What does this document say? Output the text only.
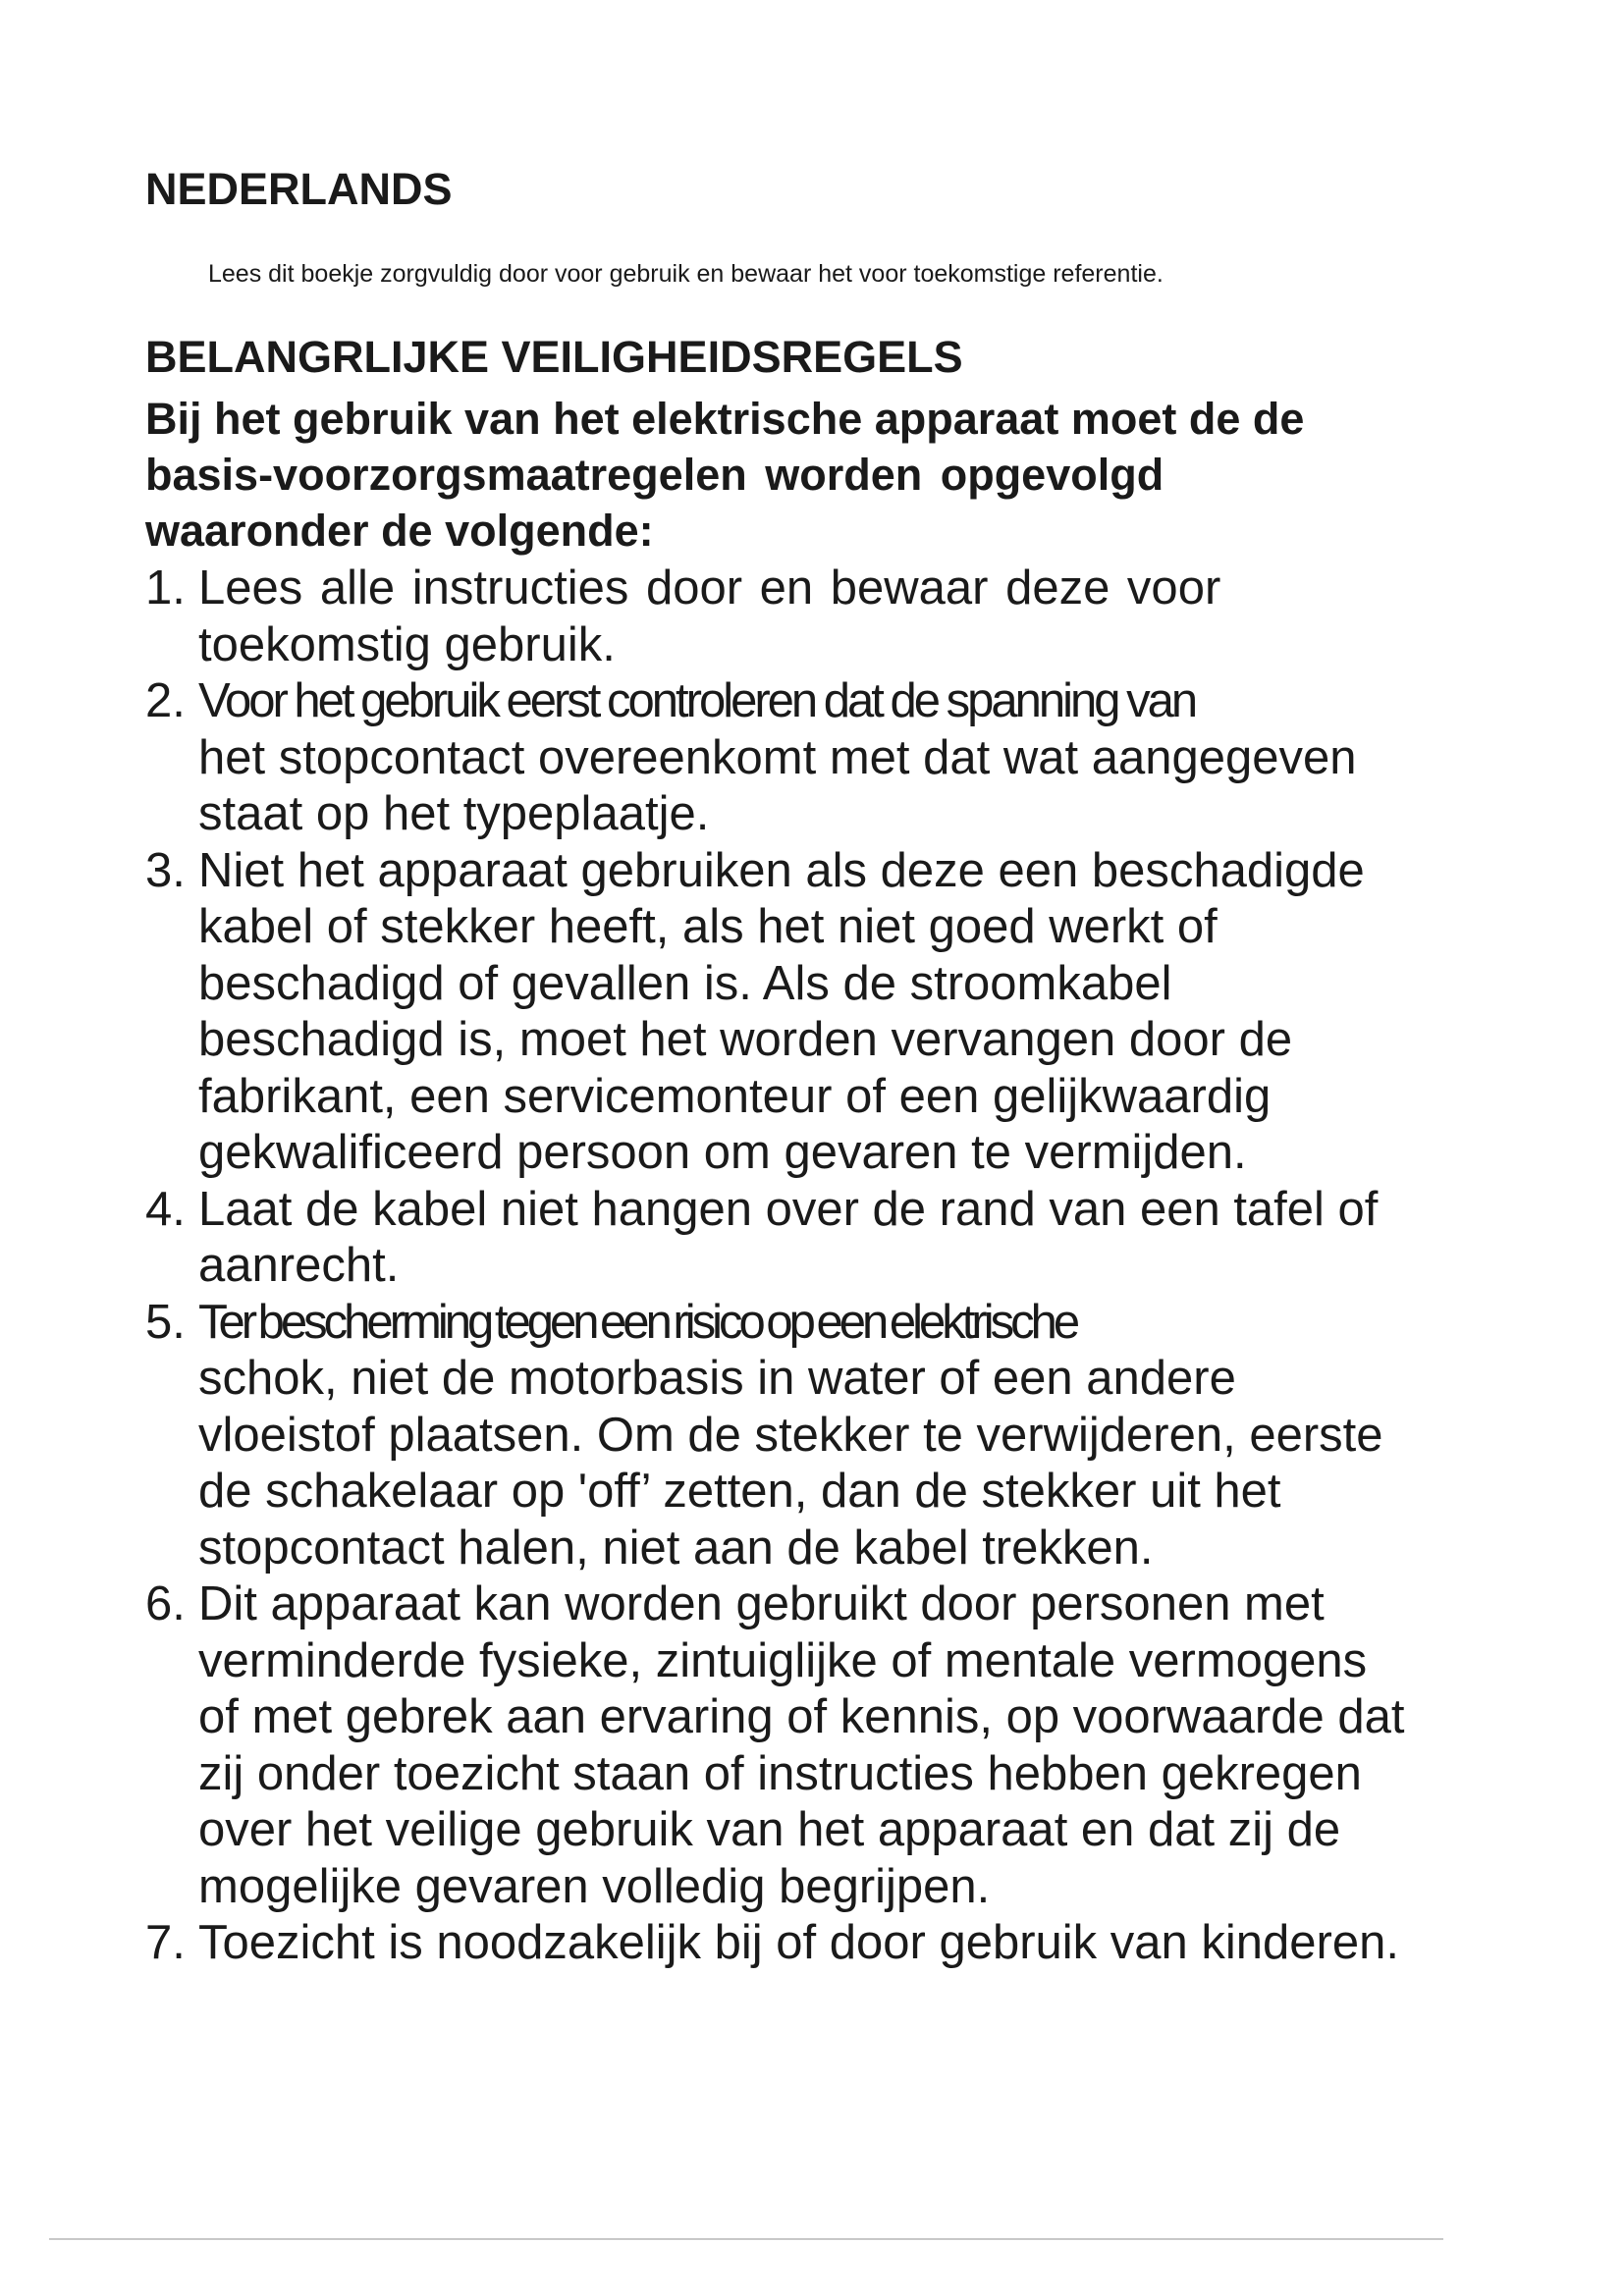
NEDERLANDS

Lees dit boekje zorgvuldig door voor gebruik en bewaar het voor toekomstige referentie.

BELANGRLIJKE VEILIGHEIDSREGELS

Bij het gebruik van het elektrische apparaat moet de de
basis-voorzorgsmaatregelen worden opgevolgd
waaronder de volgende:

1. Lees alle instructies door en bewaar deze voor
toekomstig gebruik.
2. Voor het gebruik eerst controleren dat de spanning van
het stopcontact overeenkomt met dat wat aangegeven
staat op het typeplaatje.
3. Niet het apparaat gebruiken als deze een beschadigde
kabel of stekker heeft, als het niet goed werkt of
beschadigd of gevallen is. Als de stroomkabel
beschadigd is, moet het worden vervangen door de
fabrikant, een servicemonteur of een gelijkwaardig
gekwalificeerd persoon om gevaren te vermijden.
4. Laat de kabel niet hangen over de rand van een tafel of
aanrecht.
5. Ter bescherming tegen een risico op een elektrische
schok, niet de motorbasis in water of een andere
vloeistof plaatsen. Om de stekker te verwijderen, eerste
de schakelaar op 'off’ zetten, dan de stekker uit het
stopcontact halen, niet aan de kabel trekken.
6. Dit apparaat kan worden gebruikt door personen met
verminderde fysieke, zintuiglijke of mentale vermogens
of met gebrek aan ervaring of kennis, op voorwaarde dat
zij onder toezicht staan of instructies hebben gekregen
over het veilige gebruik van het apparaat en dat zij de
mogelijke gevaren volledig begrijpen.
7. Toezicht is noodzakelijk bij of door gebruik van kinderen.
